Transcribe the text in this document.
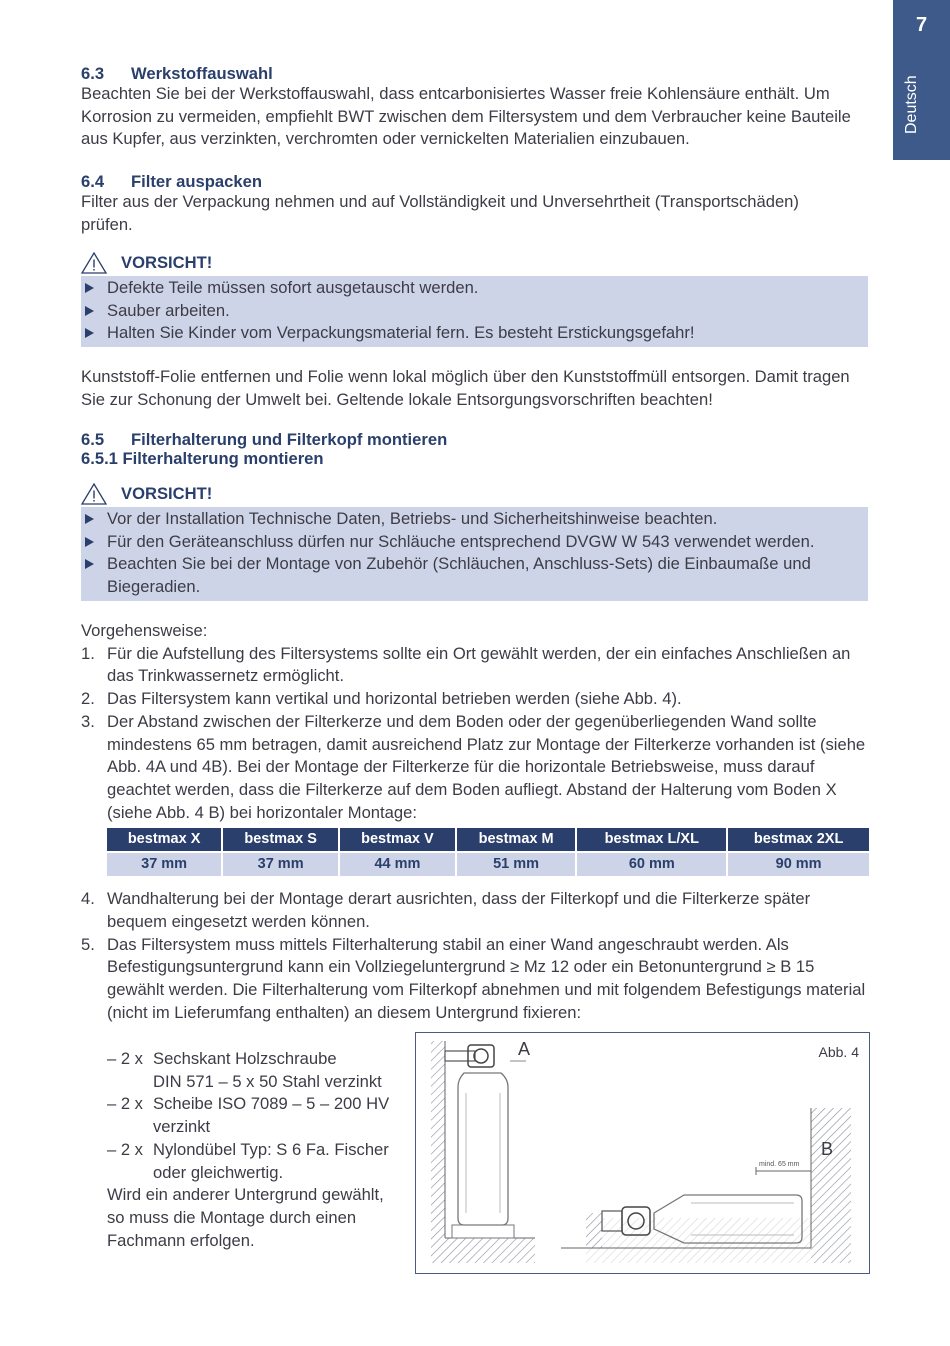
7
Deutsch
6.3 Werkstoffauswahl

Beachten Sie bei der Werkstoffauswahl, dass entcarbonisiertes Wasser freie Kohlensäure enthält. Um Korrosion zu vermeiden, empfiehlt BWT zwischen dem Filtersystem und dem Verbraucher keine Bauteile aus Kupfer, aus verzinkten, verchromten oder vernickelten Materialien einzubauen.

6.4 Filter auspacken

Filter aus der Verpackung nehmen und auf Vollständigkeit und Unversehrtheit (Transportschäden) prüfen.

VORSICHT!
Defekte Teile müssen sofort ausgetauscht werden.
Sauber arbeiten.
Halten Sie Kinder vom Verpackungsmaterial fern. Es besteht Erstickungsgefahr!

Kunststoff-Folie entfernen und Folie wenn lokal möglich über den Kunststoffmüll entsorgen. Damit tragen Sie zur Schonung der Umwelt bei. Geltende lokale Entsorgungsvorschriften beachten!

6.5 Filterhalterung und Filterkopf montieren
6.5.1 Filterhalterung montieren
VORSICHT!
Vor der Installation Technische Daten, Betriebs- und Sicherheitshinweise beachten.
Für den Geräteanschluss dürfen nur Schläuche entsprechend DVGW W 543 verwendet werden.
Beachten Sie bei der Montage von Zubehör (Schläuchen, Anschluss-Sets) die Einbaumaße und Biegeradien.

Vorgehensweise:

1. Für die Aufstellung des Filtersystems sollte ein Ort gewählt werden, der ein einfaches Anschließen an das Trinkwassernetz ermöglicht.
2. Das Filtersystem kann vertikal und horizontal betrieben werden (siehe Abb. 4).
3. Der Abstand zwischen der Filterkerze und dem Boden oder der gegenüberliegenden Wand sollte mindestens 65 mm betragen, damit ausreichend Platz zur Montage der Filterkerze vorhanden ist (siehe Abb. 4A und 4B). Bei der Montage der Filterkerze für die horizontale Betriebsweise, muss darauf geachtet werden, dass die Filterkerze auf dem Boden aufliegt. Abstand der Halterung vom Boden X (siehe Abb. 4 B) bei horizontaler Montage:
bestmax X	bestmax S	bestmax V	bestmax M	bestmax L/XL	bestmax 2XL
37 mm	37 mm	44 mm	51 mm	60 mm	90 mm
4. Wandhalterung bei der Montage derart ausrichten, dass der Filterkopf und die Filterkerze später bequem eingesetzt werden können.
5. Das Filtersystem muss mittels Filterhalterung stabil an einer Wand angeschraubt werden. Als Befestigungsuntergrund kann ein Vollziegeluntergrund ≥ Mz 12 oder ein Betonuntergrund ≥ B 15 gewählt werden. Die Filterhalterung vom Filterkopf abnehmen und mit folgendem Befestigungs material (nicht im Lieferumfang enthalten) an diesem Untergrund fixieren:
– 2 x Sechskant Holzschraube
DIN 571 – 5 x 50 Stahl verzinkt
– 2 x Scheibe ISO 7089 – 5 – 200 HV
verzinkt
– 2 x Nylondübel Typ: S 6 Fa. Fischer
oder gleichwertig.
Wird ein anderer Untergrund gewählt,
so muss die Montage durch einen
Fachmann erfolgen.
mind. 65 mm
A
B
Abb. 4
